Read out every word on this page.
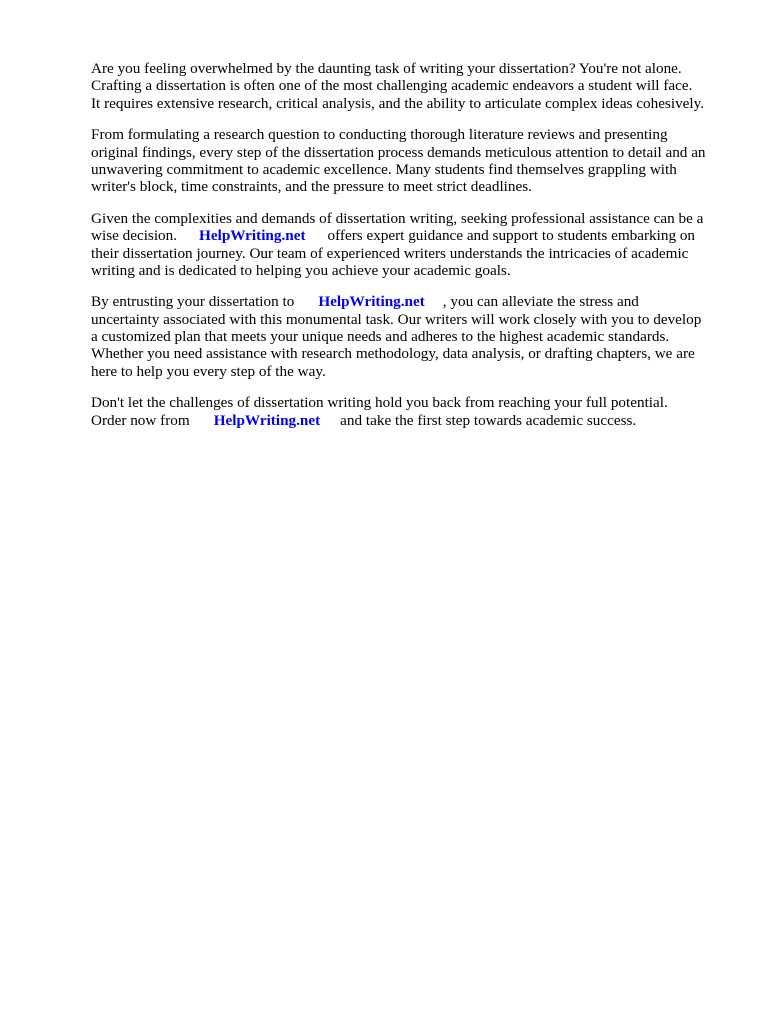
Are you feeling overwhelmed by the daunting task of writing your dissertation? You're not alone.
Crafting a dissertation is often one of the most challenging academic endeavors a student will face.
It requires extensive research, critical analysis, and the ability to articulate complex ideas cohesively.
From formulating a research question to conducting thorough literature reviews and presenting
original findings, every step of the dissertation process demands meticulous attention to detail and an
unwavering commitment to academic excellence. Many students find themselves grappling with
writer's block, time constraints, and the pressure to meet strict deadlines.
Given the complexities and demands of dissertation writing, seeking professional assistance can be a
wise decision. HelpWriting.net offers expert guidance and support to students embarking on
their dissertation journey. Our team of experienced writers understands the intricacies of academic
writing and is dedicated to helping you achieve your academic goals.
By entrusting your dissertation to HelpWriting.net , you can alleviate the stress and
uncertainty associated with this monumental task. Our writers will work closely with you to develop
a customized plan that meets your unique needs and adheres to the highest academic standards.
Whether you need assistance with research methodology, data analysis, or drafting chapters, we are
here to help you every step of the way.
Don't let the challenges of dissertation writing hold you back from reaching your full potential.
Order now from HelpWriting.net and take the first step towards academic success.
